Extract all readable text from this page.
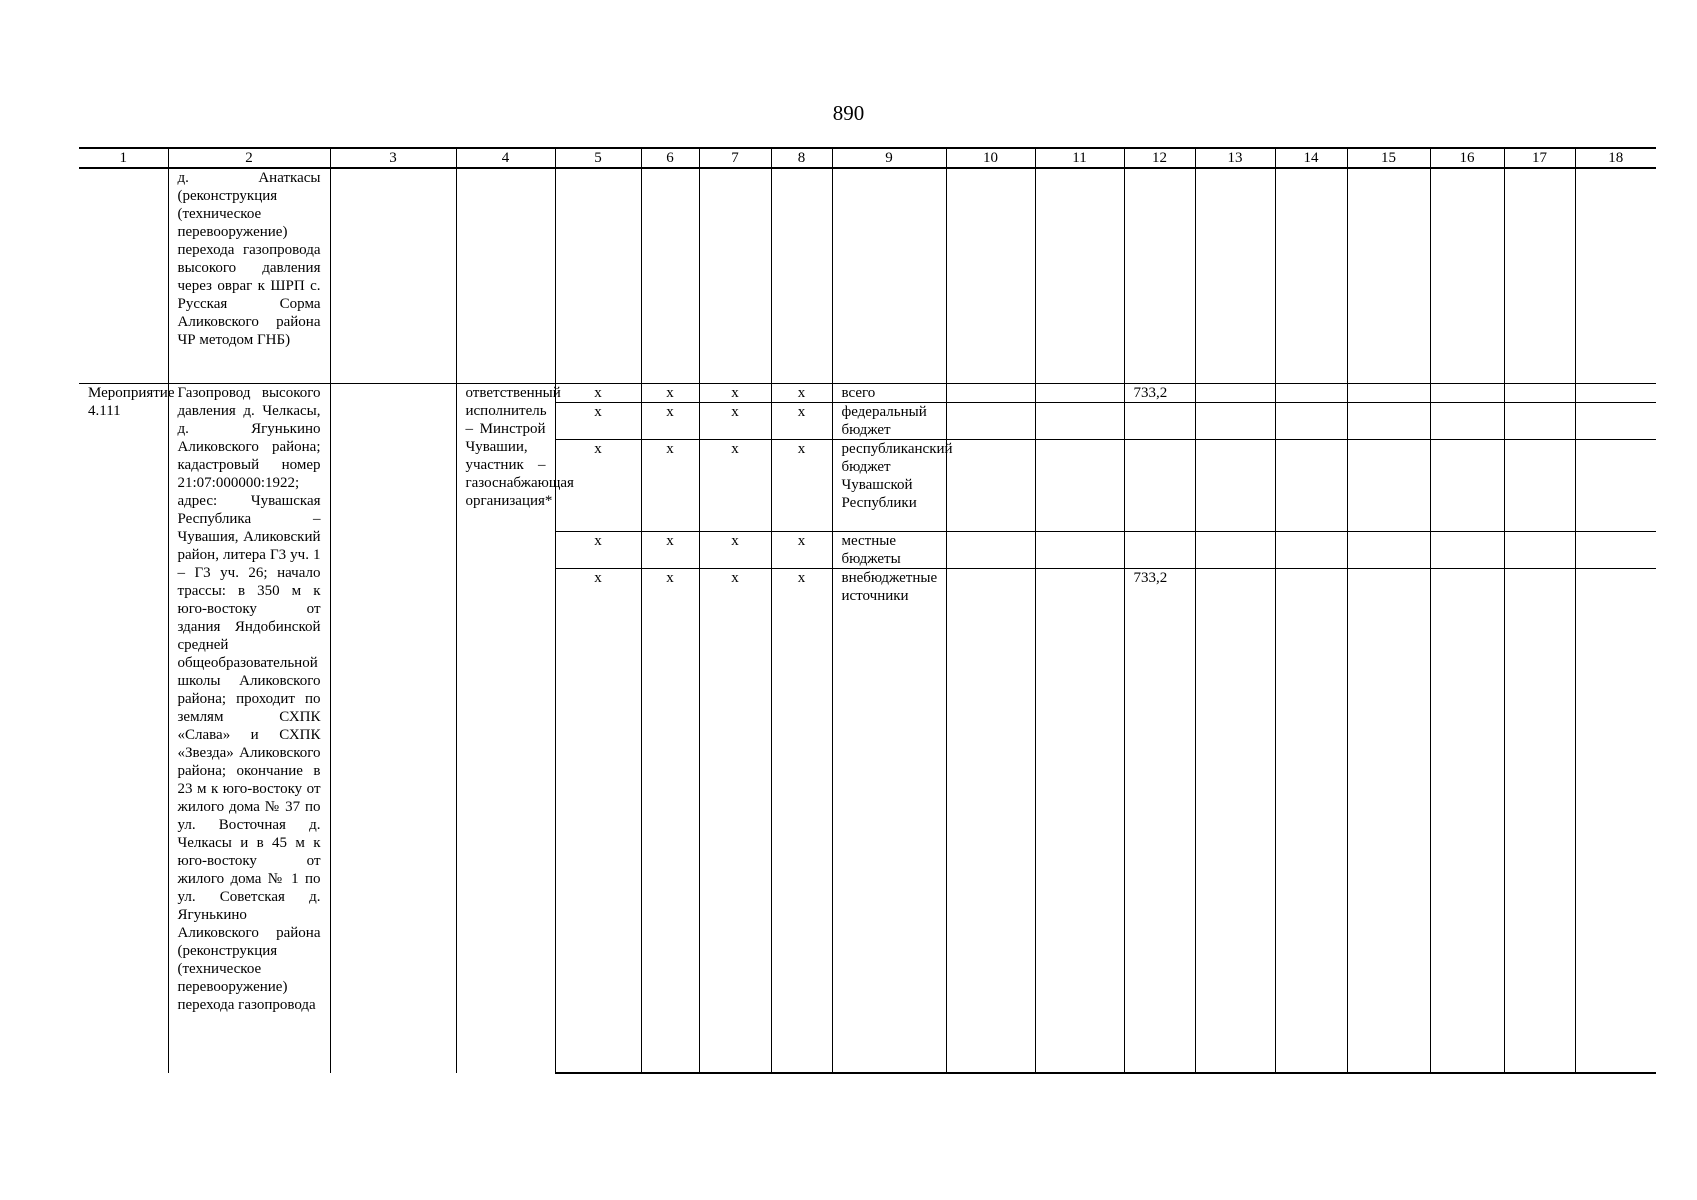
890
1	2	3	4	5	6	7	8	9	10	11	12	13	14	15	16	17	18
	д. Анаткасы (реконструкция (техническое перевооружение) перехода газопровода высокого давления через овраг к ШРП с. Русская Сорма Аликовского района ЧР методом ГНБ)																
Мероприятие 4.111	Газопровод высокого давления д. Челкасы, д. Ягунькино Аликовского района; кадастровый номер 21:07:000000:1922; адрес: Чувашская Республика – Чувашия, Аликовский район, литера Г3 уч. 1 – Г3 уч. 26; начало трассы: в 350 м к юго-востоку от здания Яндобинской средней общеобразовательной школы Аликовского района; проходит по землям СХПК «Слава» и СХПК «Звезда» Аликовского района; окончание в 23 м к юго-востоку от жилого дома № 37 по ул. Восточная д. Челкасы и в 45 м к юго-востоку от жилого дома № 1 по ул. Советская д. Ягунькино Аликовского района (реконструкция (техническое перевооружение) перехода газопровода		ответственный исполнитель – Минстрой Чувашии, участник – газоснабжающая организация*	x	x	x	x	всего			733,2						
				x	x	x	x	федеральный бюджет									
				x	x	x	x	республиканский бюджет Чувашской Республики									
				x	x	x	x	местные бюджеты									
				x	x	x	x	внебюджетные источники			733,2						
